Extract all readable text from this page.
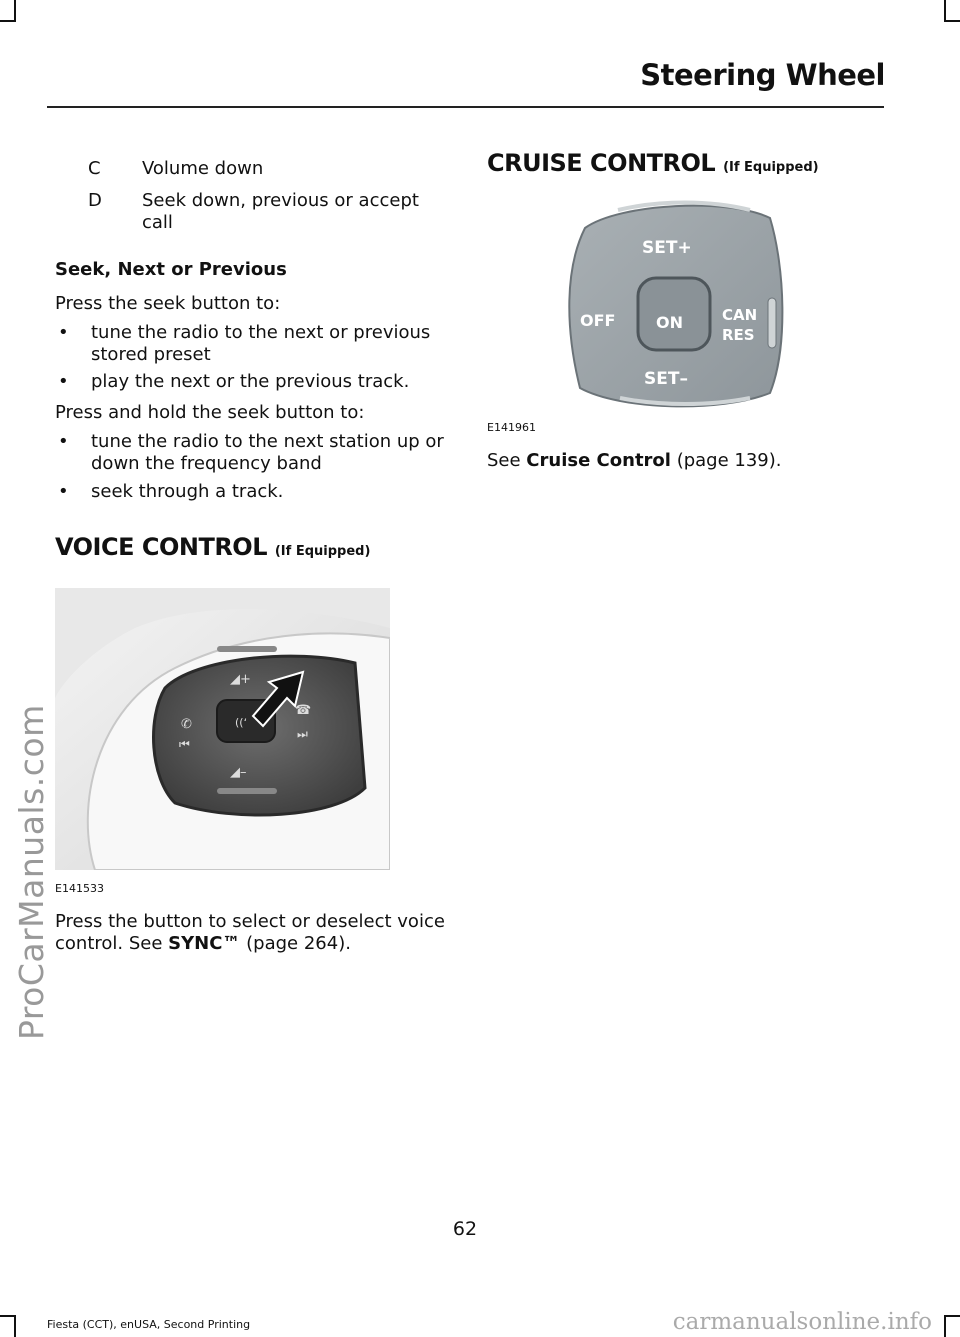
Steering Wheel
ProCarManuals.com
C	Volume down
D	Seek down, previous or accept call
Seek, Next or Previous
Press the seek button to:
• tune the radio to the next or previous stored preset
• play the next or the previous track.
Press and hold the seek button to:
• tune the radio to the next station up or down the frequency band
• seek through a track.
VOICE CONTROL (If Equipped)
((ʻ
◢+
◢–
✆
⏮
☎
⏭
E141533
Press the button to select or deselect voice control. See SYNC™ (page 264).
CRUISE CONTROL (If Equipped)
SET+
OFF	ON	CAN
RES
SET–
E141961
See Cruise Control (page 139).
62
Fiesta (CCT), enUSA, Second Printing	carmanualsonline.info
